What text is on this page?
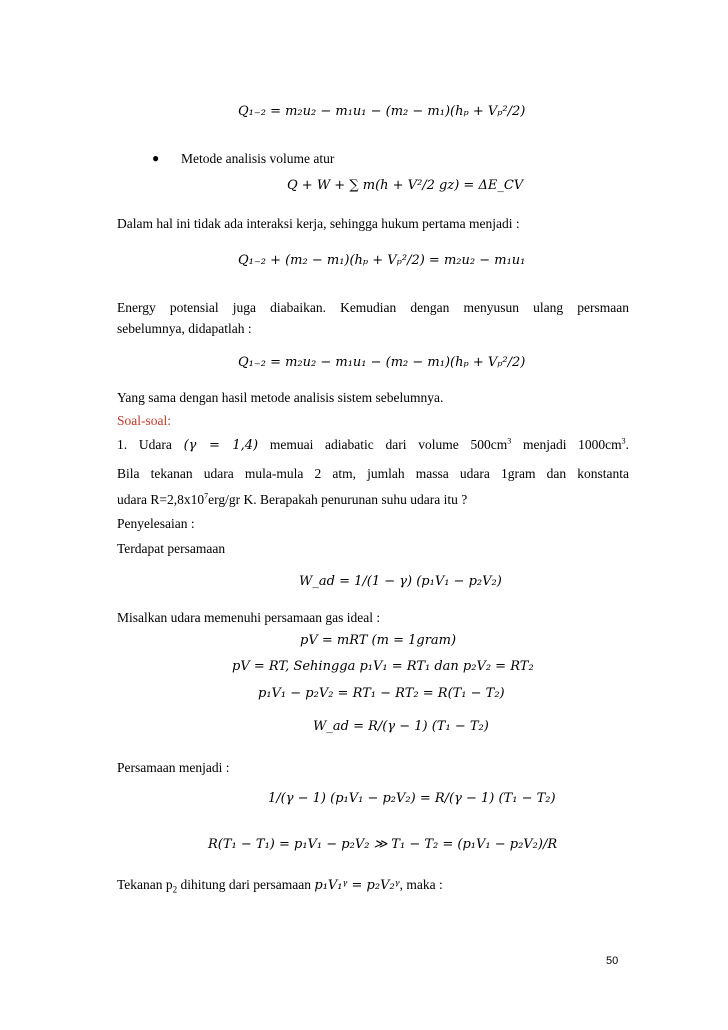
Q₁₋₂ = m₂u₂ − m₁u₁ − (m₂ − m₁)(hₚ + Vₚ²/2)
● Metode analisis volume atur
Q + W + ∑ m(h + V²/2 gz) = ΔE_CV
Dalam hal ini tidak ada interaksi kerja, sehingga hukum pertama menjadi :
Q₁₋₂ + (m₂ − m₁)(hₚ + Vₚ²/2) = m₂u₂ − m₁u₁
Energy potensial juga diabaikan. Kemudian dengan menyusun ulang persmaan
sebelumnya, didapatlah :
Q₁₋₂ = m₂u₂ − m₁u₁ − (m₂ − m₁)(hₚ + Vₚ²/2)
Yang sama dengan hasil metode analisis sistem sebelumnya.
Soal-soal:
1. Udara (γ = 1,4) memuai adiabatic dari volume $500cm^3$ menjadi $1000cm^3$.
Bila tekanan udara mula-mula 2 atm, jumlah massa udara 1gram dan konstanta
udara $R=2,8x10^7erg/gr$ K. Berapakah penurunan suhu udara itu ?
Penyelesaian :
Terdapat persamaan
W_ad = 1/(1 − γ) (p₁V₁ − p₂V₂)
Misalkan udara memenuhi persamaan gas ideal :
pV = mRT (m = 1gram)
pV = RT, Sehingga p₁V₁ = RT₁ dan p₂V₂ = RT₂
p₁V₁ − p₂V₂ = RT₁ − RT₂ = R(T₁ − T₂)
W_ad = R/(γ − 1) (T₁ − T₂)
Persamaan menjadi :
1/(γ − 1) (p₁V₁ − p₂V₂) = R/(γ − 1) (T₁ − T₂)
R(T₁ − T₁) = p₁V₁ − p₂V₂ ≫ T₁ − T₂ = (p₁V₁ − p₂V₂)/R
Tekanan $p_2$ dihitung dari persamaan p₁V₁ᵞ = p₂V₂ᵞ, maka :
50
